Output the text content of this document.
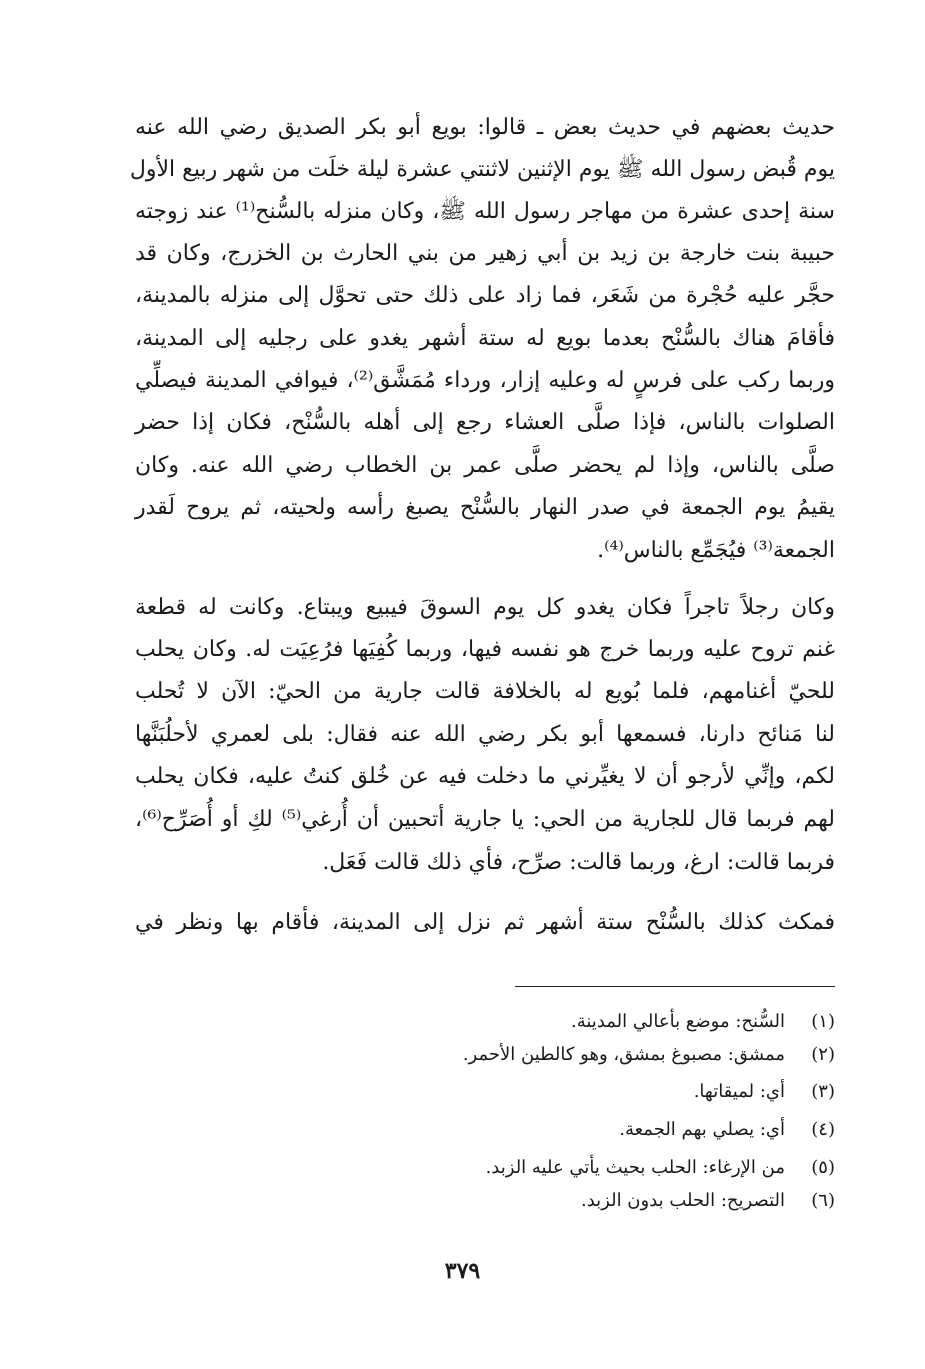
حديث بعضهم في حديث بعض ـ قالوا: بويع أبو بكر الصديق رضي الله عنه
يوم قُبض رسول الله ﷺ يوم الإثنين لاثنتي عشرة ليلة خلَت من شهر ربيع الأول
سنة إحدى عشرة من مهاجر رسول الله ﷺ، وكان منزله بالسُّنح⁽¹⁾ عند زوجته
حبيبة بنت خارجة بن زيد بن أبي زهير من بني الحارث بن الخزرج، وكان قد
حجَّر عليه حُجْرة من شَعَر، فما زاد على ذلك حتى تحوَّل إلى منزله بالمدينة،
فأقامَ هناك بالسُّنْح بعدما بويع له ستة أشهر يغدو على رجليه إلى المدينة،
وربما ركب على فرسٍ له وعليه إزار، ورداء مُمَشَّق⁽²⁾، فيوافي المدينة فيصلِّي
الصلوات بالناس، فإذا صلَّى العشاء رجع إلى أهله بالسُّنْح، فكان إذا حضر
صلَّى بالناس، وإذا لم يحضر صلَّى عمر بن الخطاب رضي الله عنه. وكان
يقيمُ يوم الجمعة في صدر النهار بالسُّنْح يصبغ رأسه ولحيته، ثم يروح لَقدر
الجمعة⁽³⁾ فيُجَمِّع بالناس⁽⁴⁾.
وكان رجلاً تاجراً فكان يغدو كل يوم السوقَ فيبيع ويبتاع. وكانت له قطعة
غنم تروح عليه وربما خرج هو نفسه فيها، وربما كُفِيَها فرُعِيَت له. وكان يحلب
للحيّ أغنامهم، فلما بُويع له بالخلافة قالت جارية من الحيّ: الآن لا تُحلب
لنا مَنائح دارنا، فسمعها أبو بكر رضي الله عنه فقال: بلى لعمري لأحلُبَنَّها
لكم، وإنِّي لأرجو أن لا يغيِّرني ما دخلت فيه عن خُلق كنتُ عليه، فكان يحلب
لهم فربما قال للجارية من الحي: يا جارية أتحبين أن أُرغي⁽⁵⁾ لكِ أو أُصَرِّح⁽⁶⁾،
فربما قالت: ارغ، وربما قالت: صرِّح، فأي ذلك قالت فَعَل.
فمكث كذلك بالسُّنْح ستة أشهر ثم نزل إلى المدينة، فأقام بها ونظر في
(١)
السُّنح: موضع بأعالي المدينة.
(٢)
ممشق: مصبوغ بمشق، وهو كالطين الأحمر.
(٣)
أي: لميقاتها.
(٤)
أي: يصلي بهم الجمعة.
(٥)
من الإرغاء: الحلب بحيث يأتي عليه الزبد.
(٦)
التصريح: الحلب بدون الزبد.
٣٧٩
